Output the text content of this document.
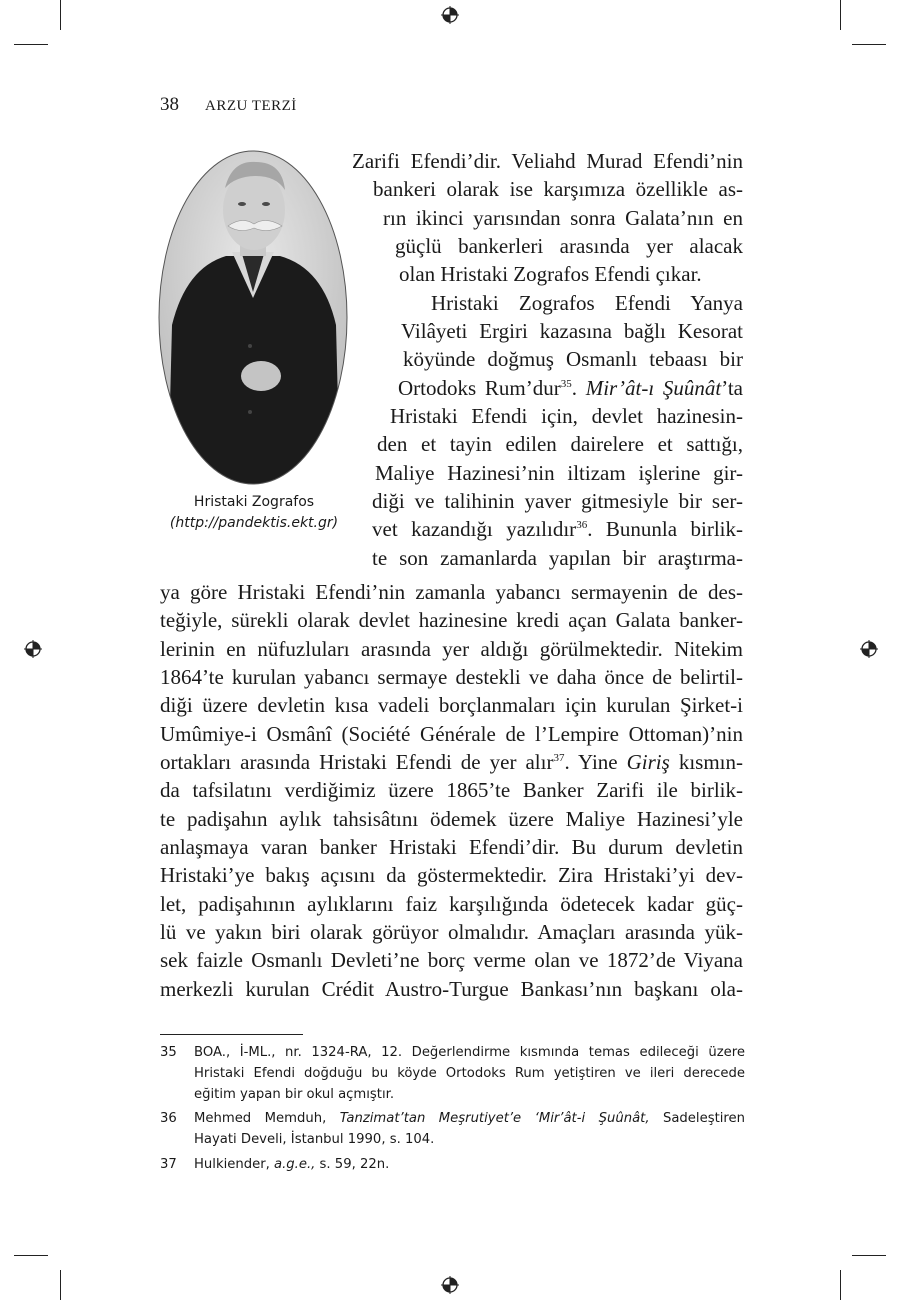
38 ARZU TERZİ
Hristaki Zografos
(http://pandektis.ekt.gr)
Zarifi Efendi’dir. Veliahd Murad Efendi’nin
bankeri olarak ise karşımıza özellikle as-
rın ikinci yarısından sonra Galata’nın en
güçlü bankerleri arasında yer alacak
olan Hristaki Zografos Efendi çıkar.
Hristaki Zografos Efendi Yanya
Vilâyeti Ergiri kazasına bağlı Kesorat
köyünde doğmuş Osmanlı tebaası bir
Ortodoks Rum’dur$^{35}$. Mir’ât-ı Şuûnât’ta
Hristaki Efendi için, devlet hazinesin-
den et tayin edilen dairelere et sattığı,
Maliye Hazinesi’nin iltizam işlerine gir-
diği ve talihinin yaver gitmesiyle bir ser-
vet kazandığı yazılıdır$^{36}$. Bununla birlik-
te son zamanlarda yapılan bir araştırma-
ya göre Hristaki Efendi’nin zamanla yabancı sermayenin de des-
teğiyle, sürekli olarak devlet hazinesine kredi açan Galata banker-
lerinin en nüfuzluları arasında yer aldığı görülmektedir. Nitekim
1864’te kurulan yabancı sermaye destekli ve daha önce de belirtil-
diği üzere devletin kısa vadeli borçlanmaları için kurulan Şirket-i
Umûmiye-i Osmânî (Société Générale de l’Lempire Ottoman)’nin
ortakları arasında Hristaki Efendi de yer alır$^{37}$. Yine Giriş kısmın-
da tafsilatını verdiğimiz üzere 1865’te Banker Zarifi ile birlik-
te padişahın aylık tahsisâtını ödemek üzere Maliye Hazinesi’yle
anlaşmaya varan banker Hristaki Efendi’dir. Bu durum devletin
Hristaki’ye bakış açısını da göstermektedir. Zira Hristaki’yi dev-
let, padişahının aylıklarını faiz karşılığında ödetecek kadar güç-
lü ve yakın biri olarak görüyor olmalıdır. Amaçları arasında yük-
sek faizle Osmanlı Devleti’ne borç verme olan ve 1872’de Viyana
merkezli kurulan Crédit Austro-Turgue Bankası’nın başkanı ola-
35 BOA., İ-ML., nr. 1324-RA, 12. Değerlendirme kısmında temas edileceği üzere
Hristaki Efendi doğduğu bu köyde Ortodoks Rum yetiştiren ve ileri derecede
eğitim yapan bir okul açmıştır.
36 Mehmed Memduh, Tanzimat’tan Meşrutiyet’e ‘Mir’ât-i Şuûnât, Sadeleştiren
Hayati Develi, İstanbul 1990, s. 104.
37 Hulkiender, a.g.e., s. 59, 22n.
